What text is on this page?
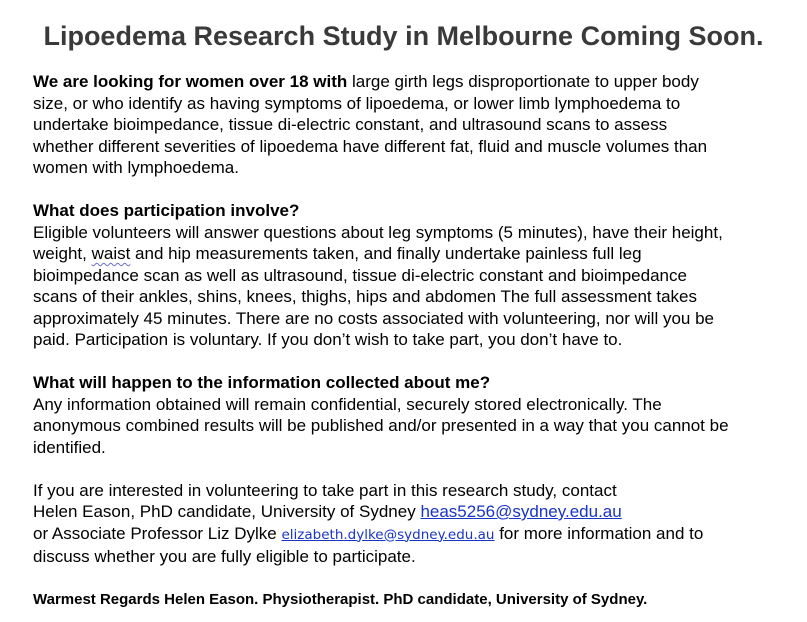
Lipoedema Research Study in Melbourne Coming Soon.
We are looking for women over 18 with large girth legs disproportionate to upper body
size, or who identify as having symptoms of lipoedema, or lower limb lymphoedema to
undertake bioimpedance, tissue di-electric constant, and ultrasound scans to assess
whether different severities of lipoedema have different fat, fluid and muscle volumes than
women with lymphoedema.
What does participation involve?
Eligible volunteers will answer questions about leg symptoms (5 minutes), have their height,
weight, waist and hip measurements taken, and finally undertake painless full leg
bioimpedance scan as well as ultrasound, tissue di-electric constant and bioimpedance
scans of their ankles, shins, knees, thighs, hips and abdomen The full assessment takes
approximately 45 minutes. There are no costs associated with volunteering, nor will you be
paid. Participation is voluntary. If you don’t wish to take part, you don’t have to.
What will happen to the information collected about me?
Any information obtained will remain confidential, securely stored electronically. The
anonymous combined results will be published and/or presented in a way that you cannot be
identified.
If you are interested in volunteering to take part in this research study, contact
Helen Eason, PhD candidate, University of Sydney heas5256@sydney.edu.au
or Associate Professor Liz Dylke elizabeth.dylke@sydney.edu.au for more information and to
discuss whether you are fully eligible to participate.
Warmest Regards Helen Eason. Physiotherapist. PhD candidate, University of Sydney.
